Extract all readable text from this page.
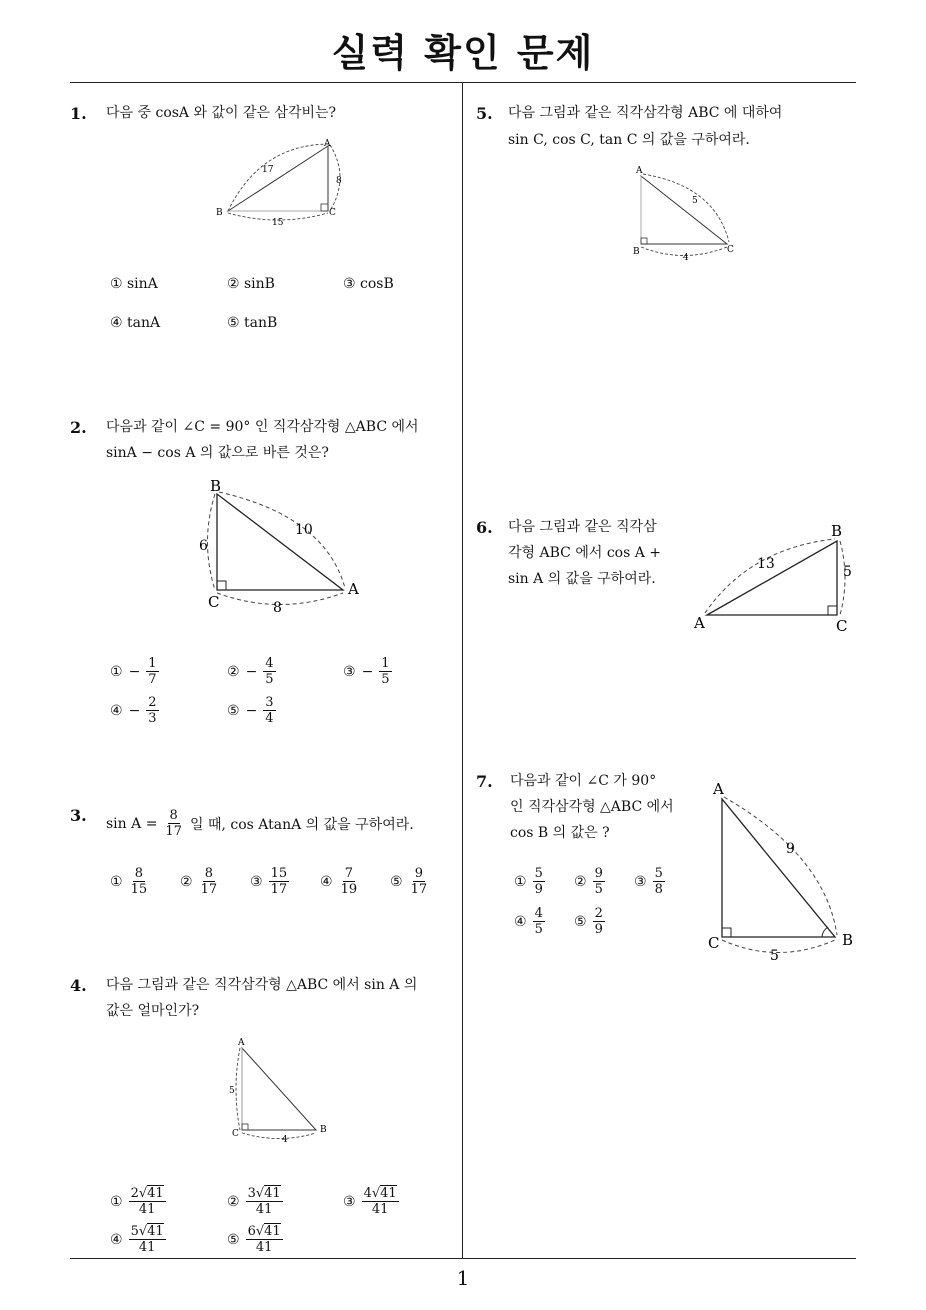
실력 확인 문제
1
1. 다음 중 cosA 와 값이 같은 삼각비는?
A
B	C
17
8
15
① sinA	② sinB	③ cosB
④ tanA	⑤ tanB
2. 다음과 같이 ∠C = 90° 인 직각삼각형 △ABC 에서
sinA − cos A 의 값으로 바른 것은?
B
A
C
6
10
8
① − $\frac{1}{7}$	② − $\frac{4}{5}$	③ − $\frac{1}{5}$
④ − $\frac{2}{3}$	⑤ − $\frac{3}{4}$
3. $\sin A = \frac{8}{17}$ 일 때, cos AtanA 의 값을 구하여라.
① $\frac{8}{15}$ ② $\frac{8}{17}$ ③ $\frac{15}{17}$ ④ $\frac{7}{19}$ ⑤ $\frac{9}{17}$
4. 다음 그림과 같은 직각삼각형 △ABC 에서 sin A 의
값은 얼마인가?
A
B
C
5
4
① $\frac{2√41}{41}$	② $\frac{3√41}{41}$	③ $\frac{4√41}{41}$
④ $\frac{5√41}{41}$	⑤ $\frac{6√41}{41}$
5. 다음 그림과 같은 직각삼각형 ABC 에 대하여
sin C, cos C, tan C 의 값을 구하여라.
A
B	C
5
4
6. 다음 그림과 같은 직각삼
각형 ABC 에서 cos A +
sin A 의 값을 구하여라.
B
A	C
13	5
7. 다음과 같이 ∠C 가 90°
인 직각삼각형 △ABC 에서
cos B 의 값은 ?
A
C	B
9
5
① $\frac{5}{9}$ ② $\frac{9}{5}$ ③ $\frac{5}{8}$
④ $\frac{4}{5}$ ⑤ $\frac{2}{9}$
